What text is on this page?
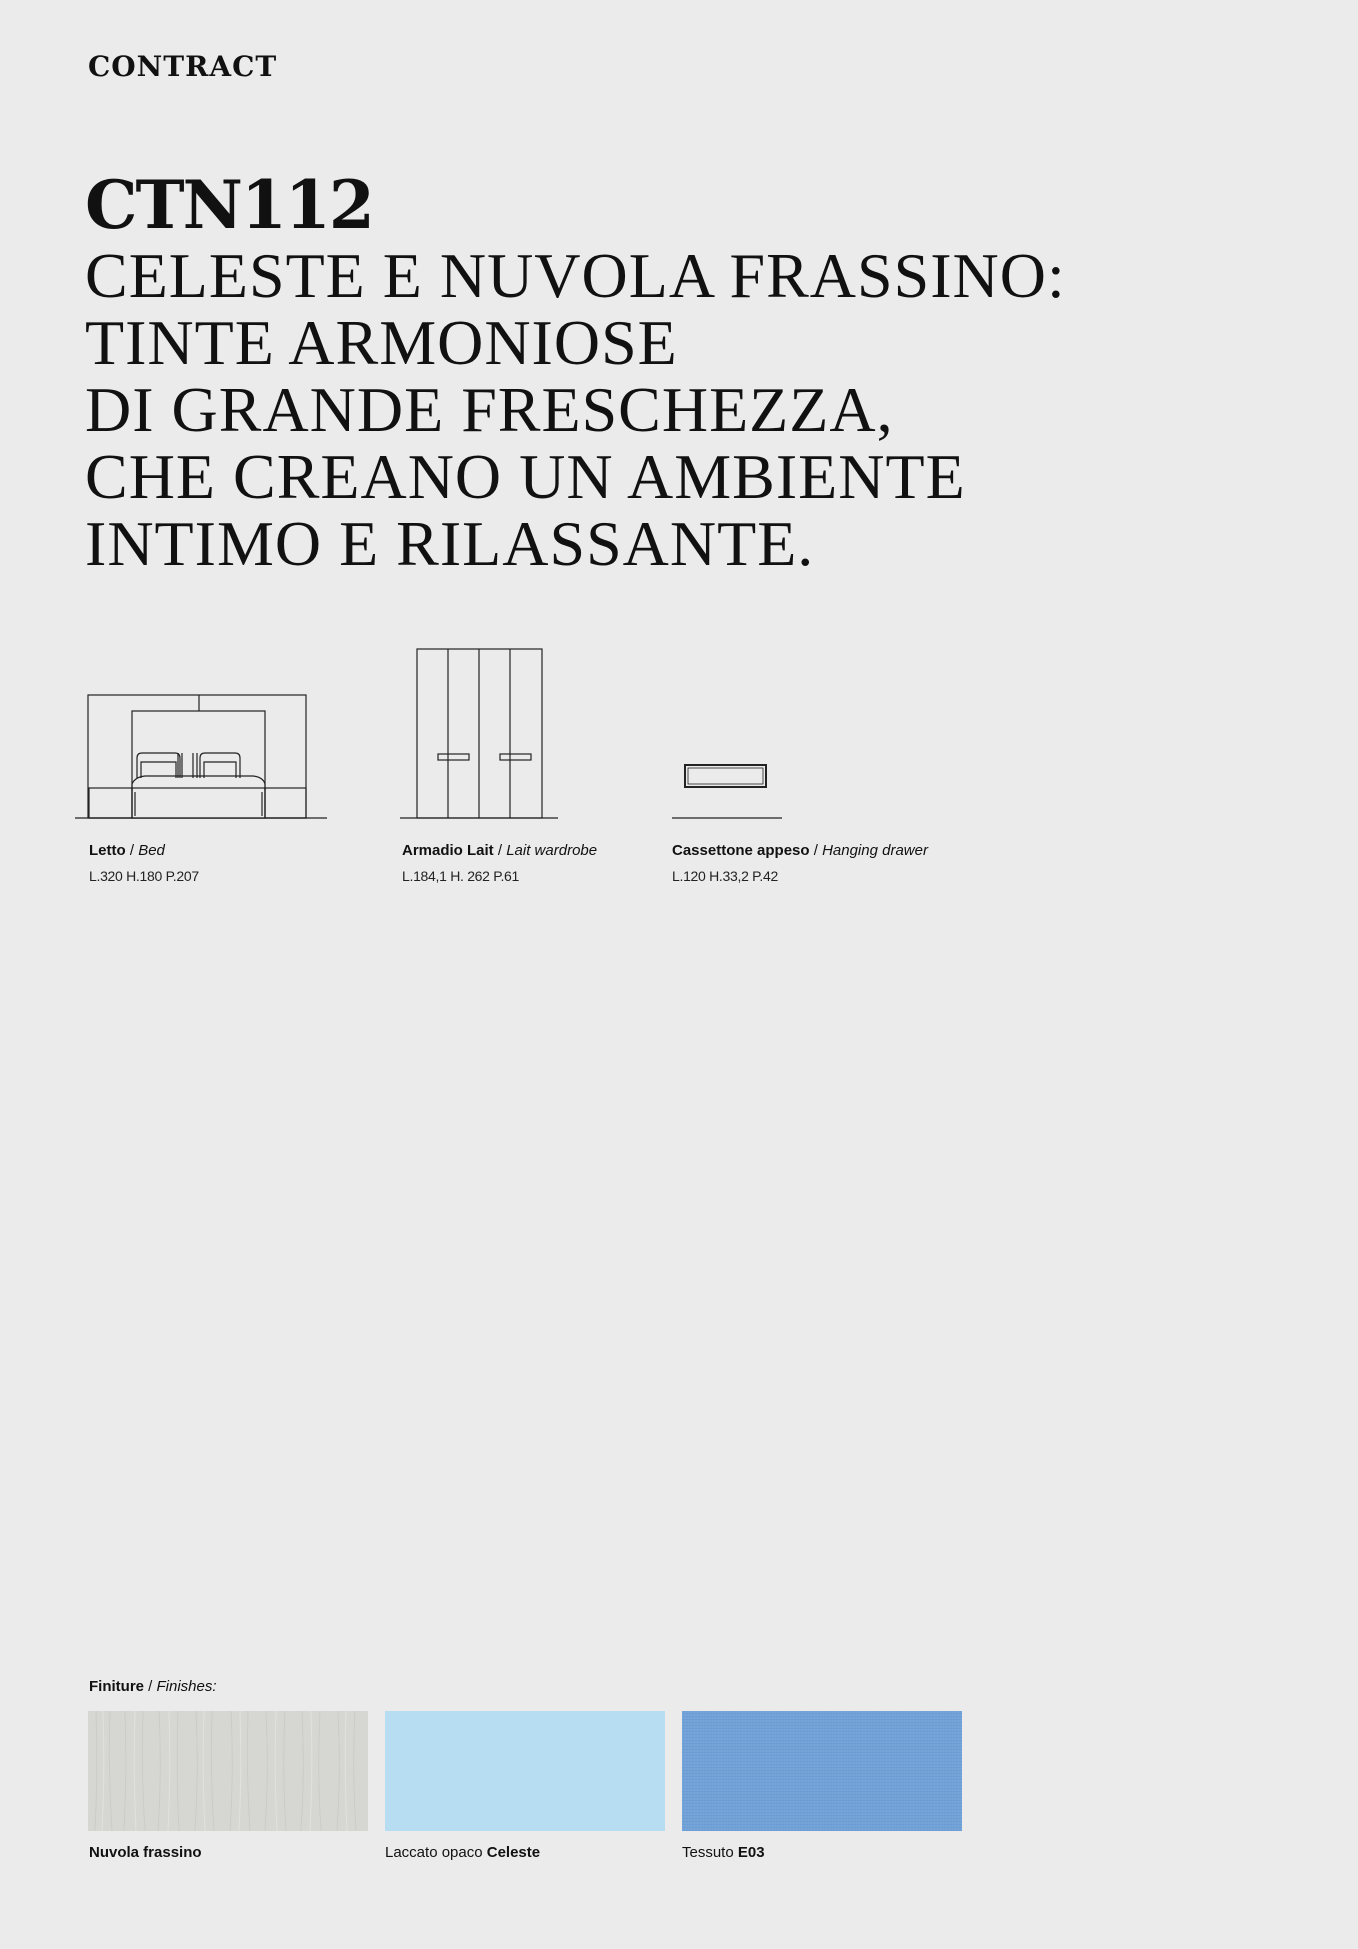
CONTRACT
CTN112
CELESTE E NUVOLA FRASSINO:
TINTE ARMONIOSE
DI GRANDE FRESCHEZZA,
CHE CREANO UN AMBIENTE
INTIMO E RILASSANTE.
Letto / Bed
L.320 H.180 P.207
Armadio Lait / Lait wardrobe
L.184,1 H. 262 P.61
Cassettone appeso / Hanging drawer
L.120 H.33,2 P.42
Finiture / Finishes:
Nuvola frassino	Laccato opaco Celeste	Tessuto E03
